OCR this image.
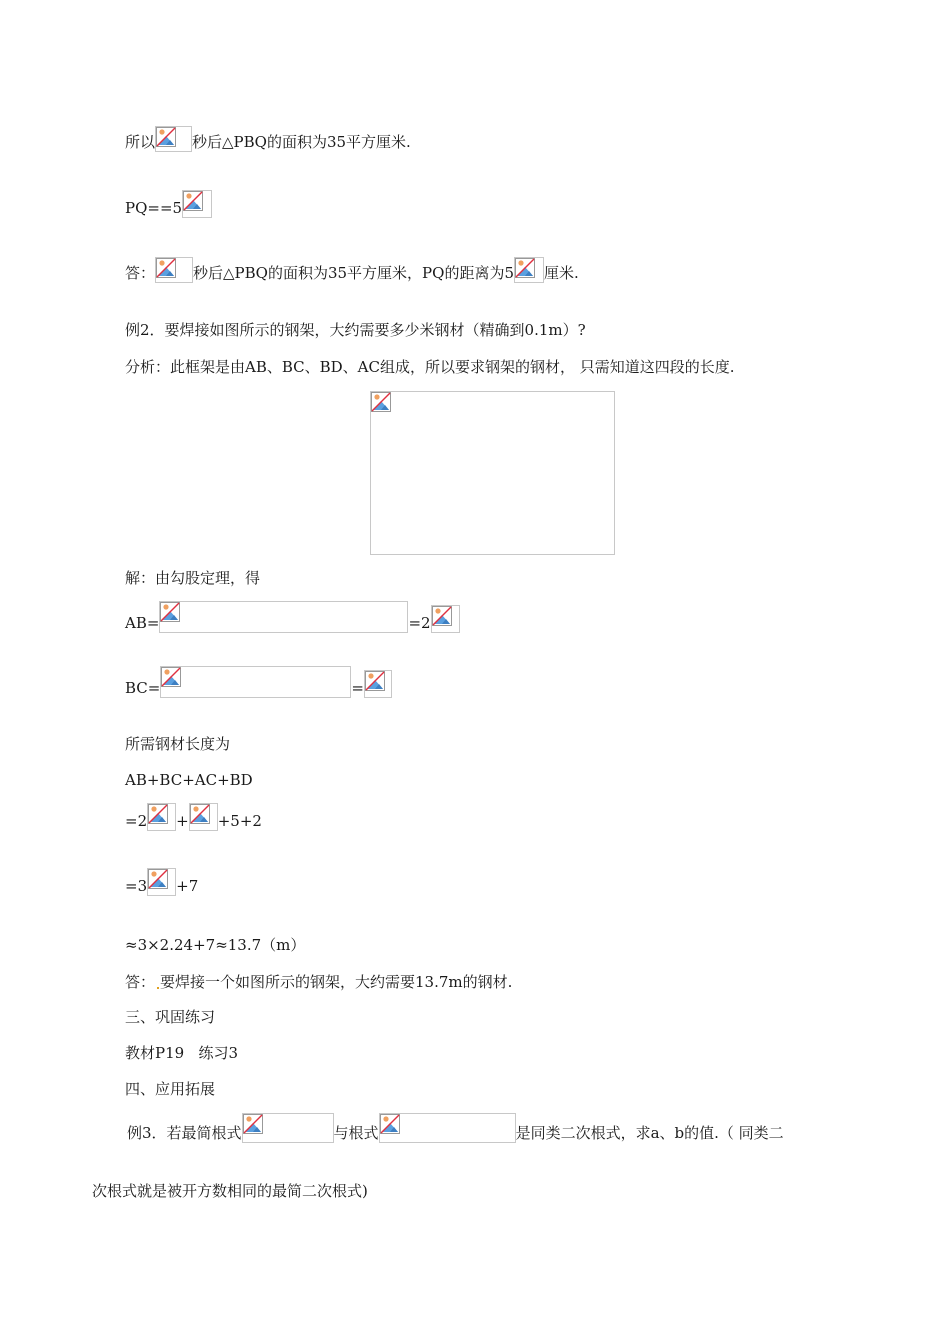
所以 秒后△PBQ的面积为35平方厘米.
PQ==5
答：	秒后△PBQ的面积为35平方厘米，PQ的距离为5 厘米.
例2．要焊接如图所示的钢架，大约需要多少米钢材（精确到0.1m）?
分析：此框架是由AB、BC、BD、AC组成，所以要求钢架的钢材， 只需知道这四段的长度.
解：由勾股定理，得
AB=	=2
BC=	=
所需钢材长度为
AB+BC+AC+BD
=2 + +5+2
=3 +7
≈3×2.24+7≈13.7（m）
答： 要焊接一个如图所示的钢架，大约需要13.7m的钢材.
三、巩固练习
教材P19   练习3
四、应用拓展
例3．若最简根式	与根式	是同类二次根式，求a、b的值.（ 同类二
次根式就是被开方数相同的最简二次根式)
